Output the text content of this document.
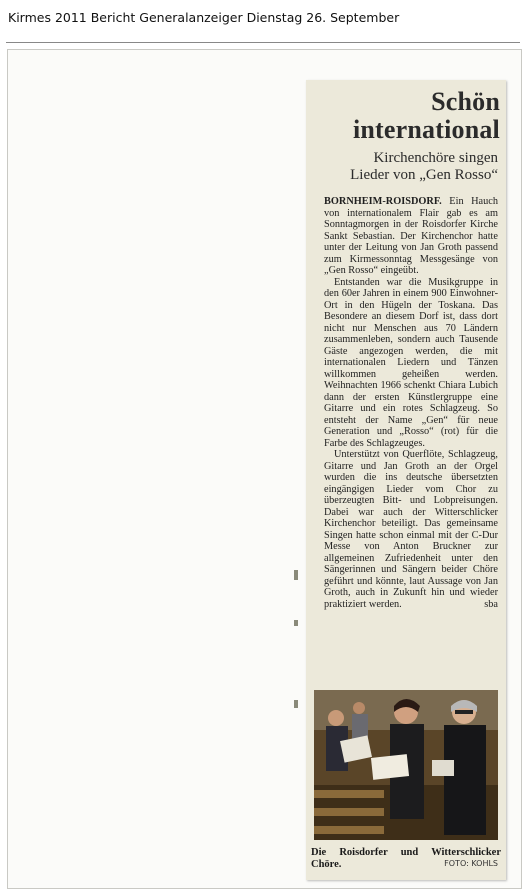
Kirmes 2011 Bericht Generalanzeiger Dienstag 26. September
Schön
international
Kirchenchöre singen
Lieder von „Gen Rosso“

BORNHEIM-ROISDORF. Ein Hauch von internationalem Flair gab es am Sonntagmorgen in der Roisdorfer Kirche Sankt Sebastian. Der Kirchenchor hatte unter der Leitung von Jan Groth passend zum Kirmessonntag Messgesänge von „Gen Rosso“ eingeübt.

Entstanden war die Musikgruppe in den 60er Jahren in einem 900 Einwohner-Ort in den Hügeln der Toskana. Das Besondere an diesem Dorf ist, dass dort nicht nur Menschen aus 70 Ländern zusammenleben, sondern auch Tausende Gäste angezogen werden, die mit internationalen Liedern und Tänzen willkommen geheißen werden. Weihnachten 1966 schenkt Chiara Lubich dann der ersten Künstlergruppe eine Gitarre und ein rotes Schlagzeug. So entsteht der Name „Gen“ für neue Generation und „Rosso“ (rot) für die Farbe des Schlagzeuges.

Unterstützt von Querflöte, Schlagzeug, Gitarre und Jan Groth an der Orgel wurden die ins deutsche übersetzten eingängigen Lieder vom Chor zu überzeugten Bitt- und Lobpreisungen. Dabei war auch der Witterschlicker Kirchenchor beteiligt. Das gemeinsame Singen hatte schon einmal mit der C-Dur Messe von Anton Bruckner zur allgemeinen Zufriedenheit unter den Sängerinnen und Sängern beider Chöre geführt und könnte, laut Aussage von Jan Groth, auch in Zukunft hin und wieder praktiziert werden.	sba

Die Roisdorfer und Witterschlicker Chöre.	FOTO: KOHLS
